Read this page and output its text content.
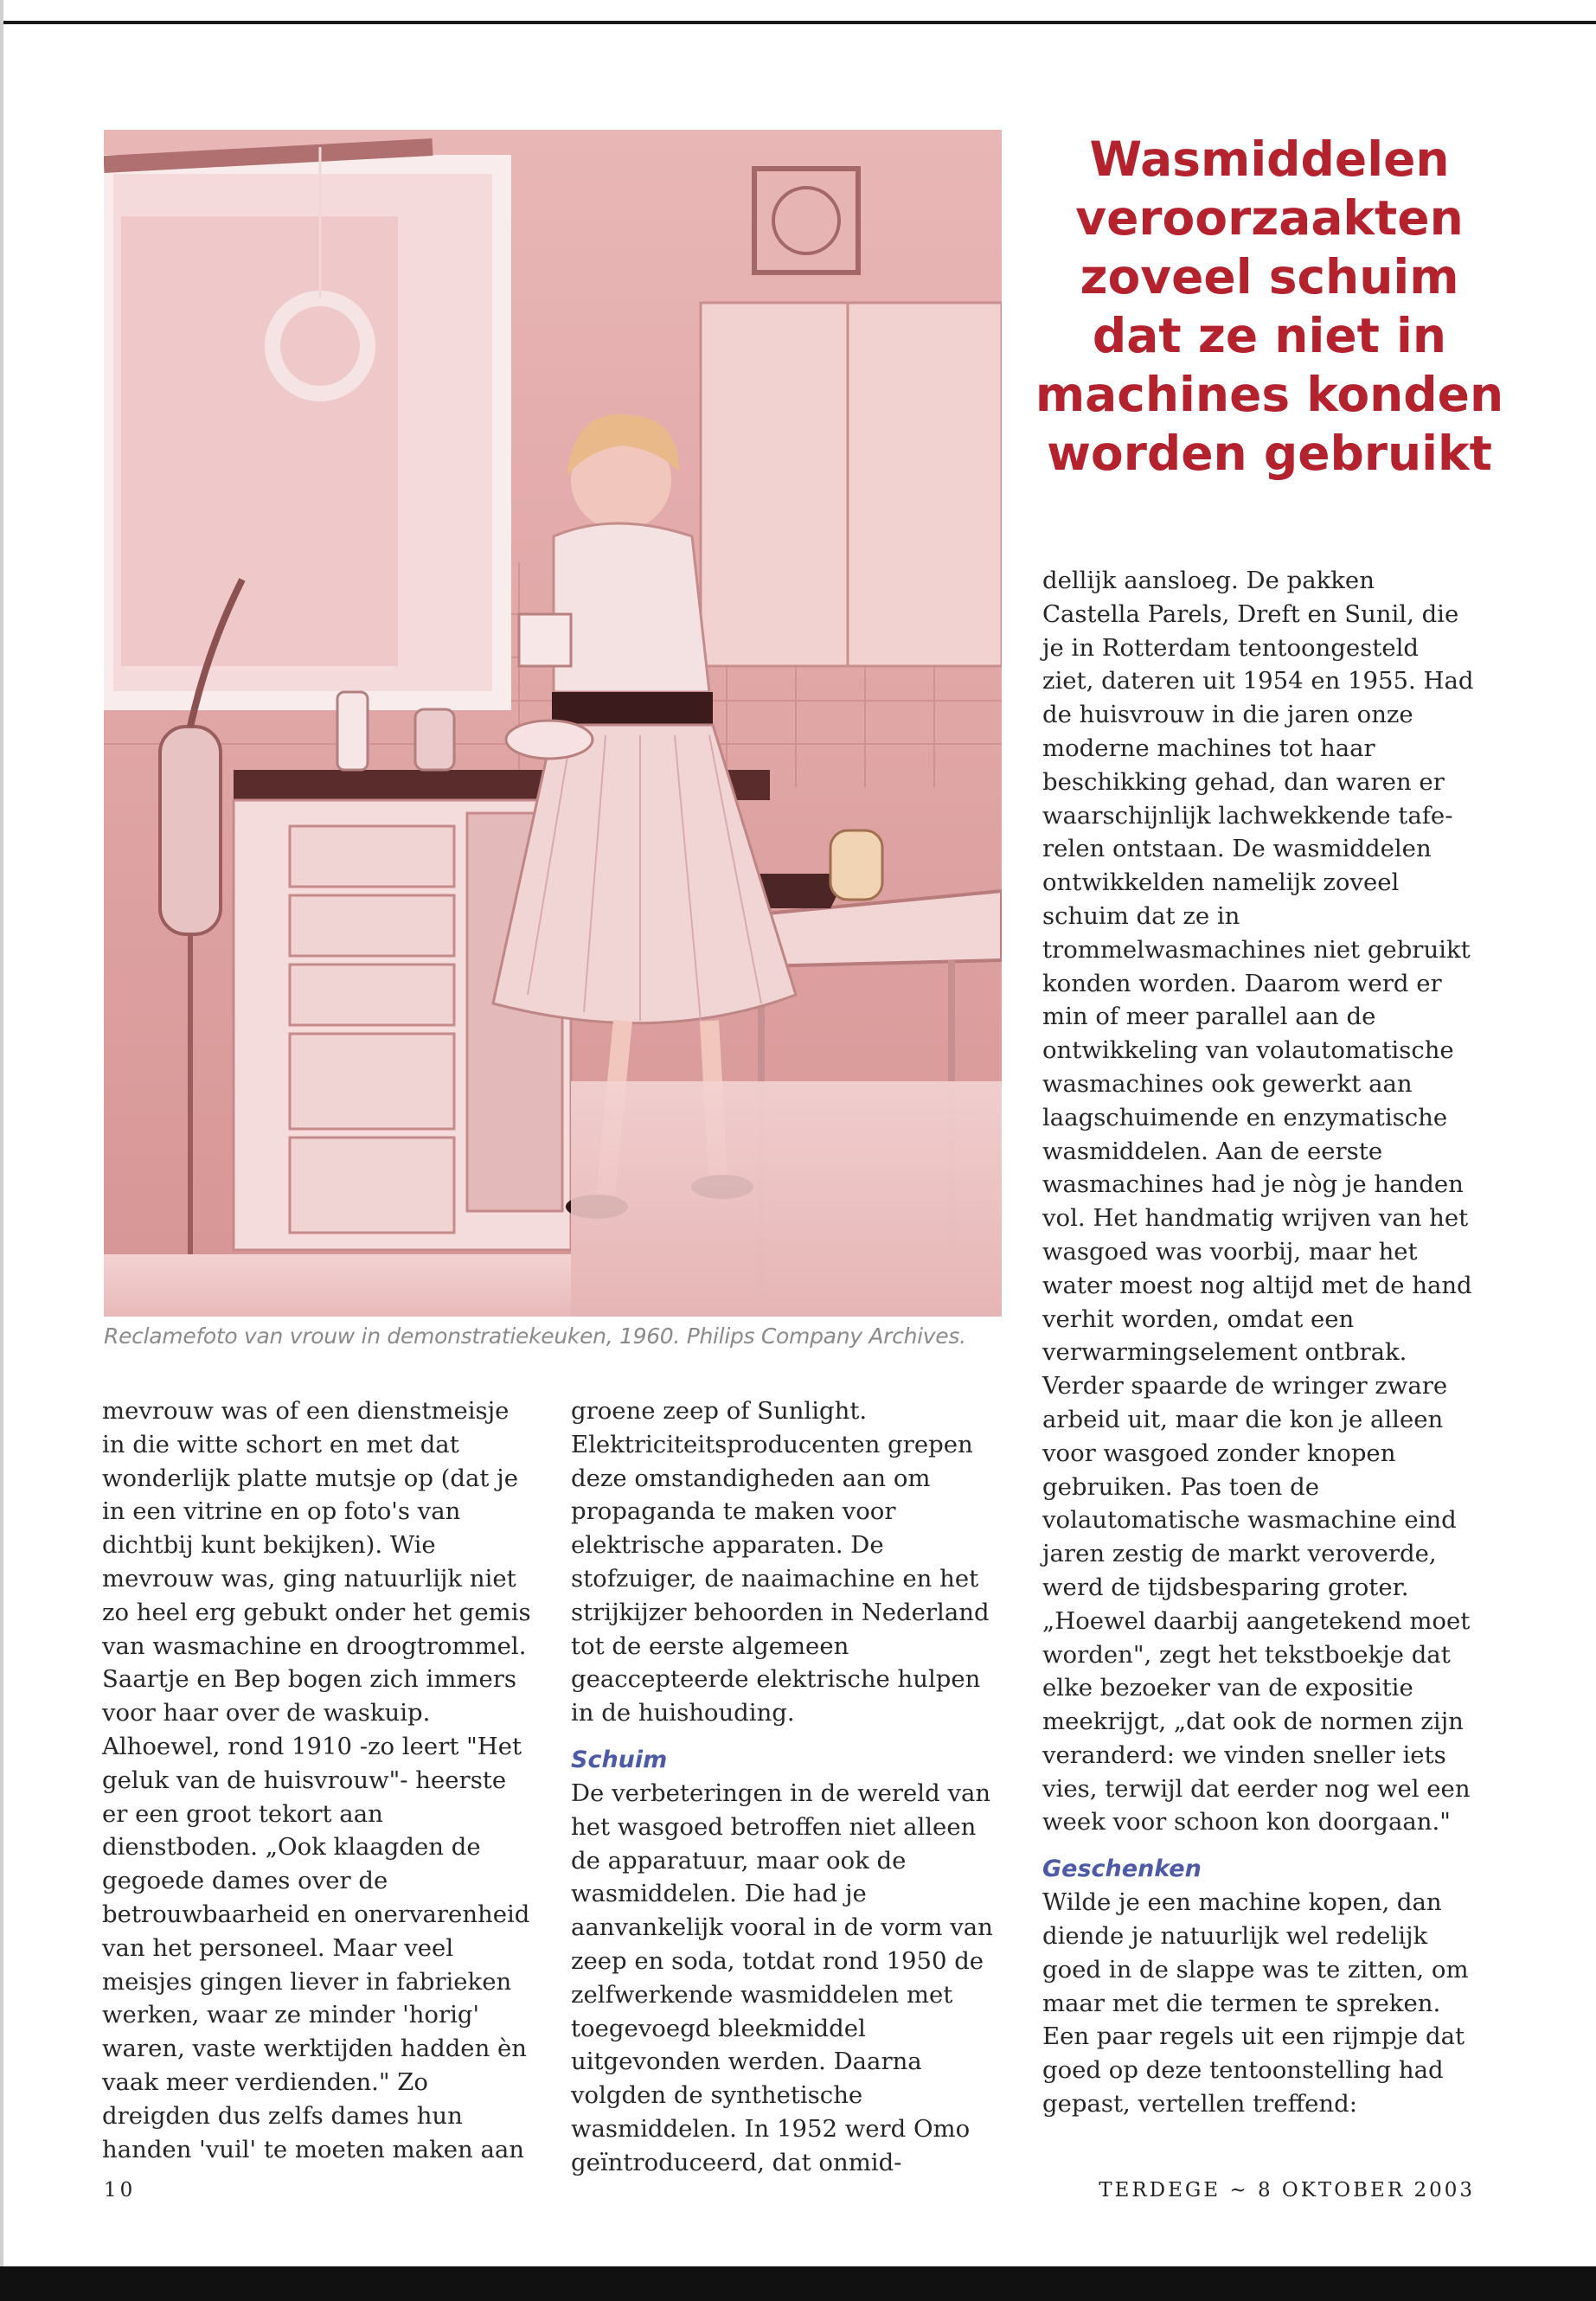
Reclamefoto van vrouw in demonstratiekeuken, 1960. Philips Company Archives.
Wasmiddelen veroorzaakten zoveel schuim dat ze niet in machines konden worden gebruikt

mevrouw was of een dienstmeisje in die witte schort en met dat wonderlijk platte mutsje op (dat je in een vitrine en op foto's van dichtbij kunt bekijken). Wie mevrouw was, ging natuurlijk niet zo heel erg gebukt onder het gemis van wasmachine en droogtrommel. Saartje en Bep bogen zich immers voor haar over de waskuip. Alhoewel, rond 1910 -zo leert "Het geluk van de huisvrouw"- heerste er een groot tekort aan dienstboden. „Ook klaagden de gegoede dames over de betrouwbaarheid en onervarenheid van het personeel. Maar veel meisjes gingen liever in fabrieken werken, waar ze minder 'horig' waren, vaste werktijden hadden èn vaak meer verdienden." Zo dreigden dus zelfs dames hun handen 'vuil' te moeten maken aan

groene zeep of Sunlight. Elektriciteitsproducenten grepen deze omstandigheden aan om propaganda te maken voor elektrische apparaten. De stofzuiger, de naaimachine en het strijkijzer behoorden in Nederland tot de eerste algemeen geaccepteerde elektrische hulpen in de huishouding.

Schuim

De verbeteringen in de wereld van het wasgoed betroffen niet alleen de apparatuur, maar ook de wasmiddelen. Die had je aanvankelijk vooral in de vorm van zeep en soda, totdat rond 1950 de zelfwerkende wasmiddelen met toegevoegd bleekmiddel uitgevonden werden. Daarna volgden de synthetische wasmiddelen. In 1952 werd Omo geïntroduceerd, dat onmid-

dellijk aansloeg. De pakken Castella Parels, Dreft en Sunil, die je in Rotterdam tentoongesteld ziet, dateren uit 1954 en 1955. Had de huisvrouw in die jaren onze moderne machines tot haar beschikking gehad, dan waren er waarschijnlijk lachwekkende taferelen ontstaan. De wasmiddelen ontwikkelden namelijk zoveel schuim dat ze in trommelwasmachines niet gebruikt konden worden. Daarom werd er min of meer parallel aan de ontwikkeling van volautomatische wasmachines ook gewerkt aan laagschuimende en enzymatische wasmiddelen. Aan de eerste wasmachines had je nòg je handen vol. Het handmatig wrijven van het wasgoed was voorbij, maar het water moest nog altijd met de hand verhit worden, omdat een verwarmingselement ontbrak. Verder spaarde de wringer zware arbeid uit, maar die kon je alleen voor wasgoed zonder knopen gebruiken. Pas toen de volautomatische wasmachine eind jaren zestig de markt veroverde, werd de tijdsbesparing groter. „Hoewel daarbij aangetekend moet worden", zegt het tekstboekje dat elke bezoeker van de expositie meekrijgt, „dat ook de normen zijn veranderd: we vinden sneller iets vies, terwijl dat eerder nog wel een week voor schoon kon doorgaan."

Geschenken

Wilde je een machine kopen, dan diende je natuurlijk wel redelijk goed in de slappe was te zitten, om maar met die termen te spreken. Een paar regels uit een rijmpje dat goed op deze tentoonstelling had gepast, vertellen treffend:

10	TERDEGE ~ 8 OKTOBER 2003
